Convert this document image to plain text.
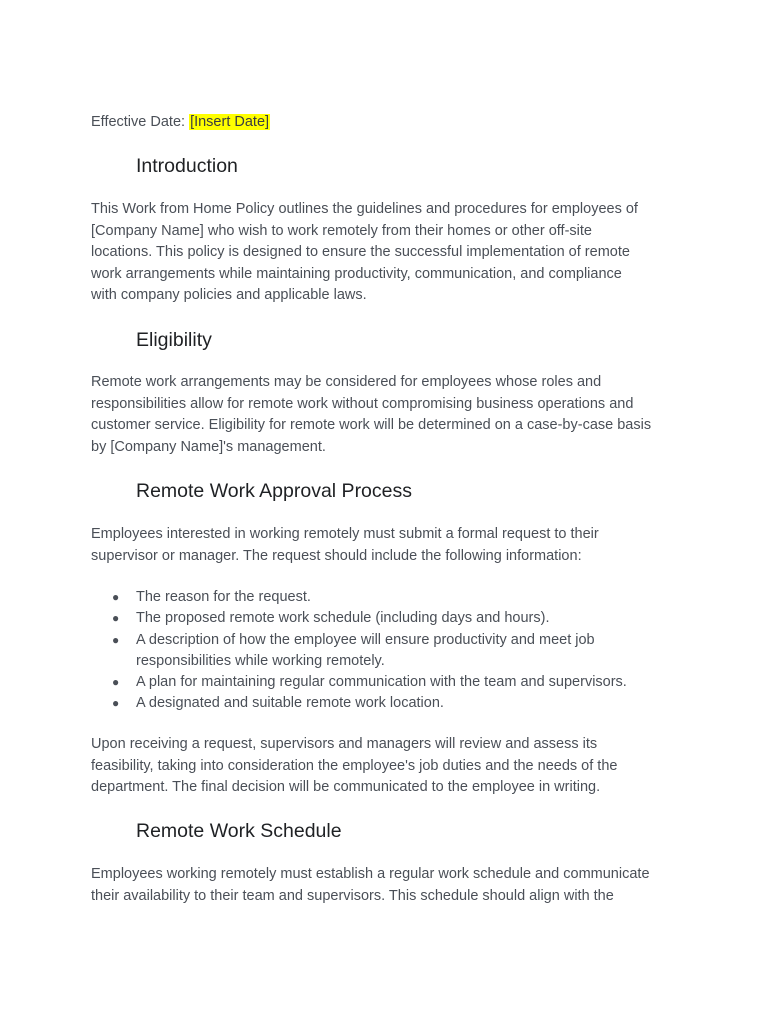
Effective Date: [Insert Date]
Introduction
This Work from Home Policy outlines the guidelines and procedures for employees of
[Company Name] who wish to work remotely from their homes or other off-site
locations. This policy is designed to ensure the successful implementation of remote
work arrangements while maintaining productivity, communication, and compliance
with company policies and applicable laws.
Eligibility
Remote work arrangements may be considered for employees whose roles and
responsibilities allow for remote work without compromising business operations and
customer service. Eligibility for remote work will be determined on a case-by-case basis
by [Company Name]'s management.
Remote Work Approval Process
Employees interested in working remotely must submit a formal request to their
supervisor or manager. The request should include the following information:
● The reason for the request.
● The proposed remote work schedule (including days and hours).
● A description of how the employee will ensure productivity and meet job
responsibilities while working remotely.
● A plan for maintaining regular communication with the team and supervisors.
● A designated and suitable remote work location.
Upon receiving a request, supervisors and managers will review and assess its
feasibility, taking into consideration the employee's job duties and the needs of the
department. The final decision will be communicated to the employee in writing.
Remote Work Schedule
Employees working remotely must establish a regular work schedule and communicate
their availability to their team and supervisors. This schedule should align with the
